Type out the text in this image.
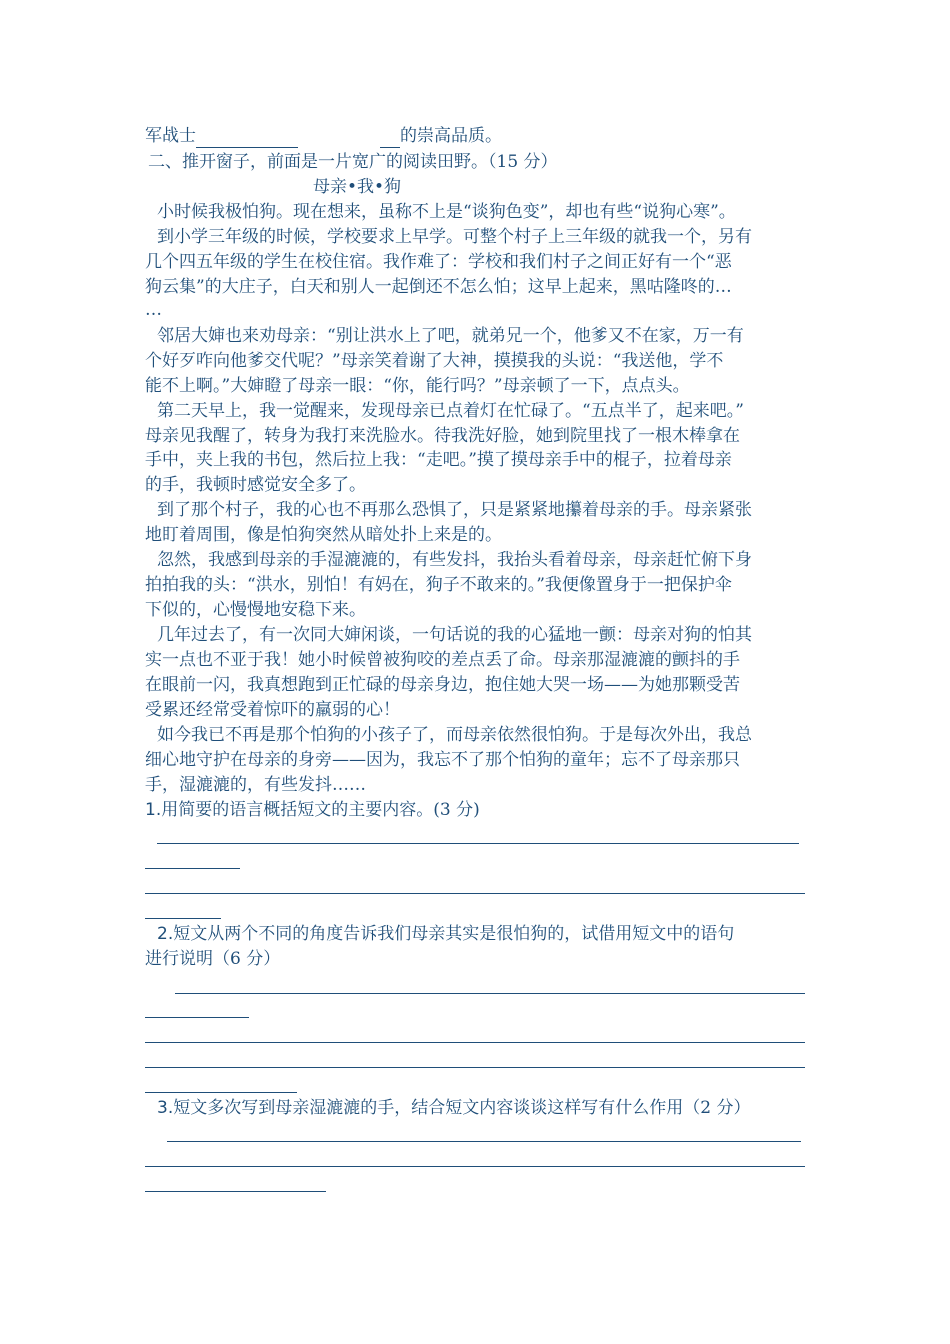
军战士	的崇高品质。
二、推开窗子，前面是一片宽广的阅读田野。（15 分）
母亲•我•狗
小时候我极怕狗。现在想来，虽称不上是“谈狗色变”，却也有些“说狗心寒”。
到小学三年级的时候，学校要求上早学。可整个村子上三年级的就我一个，另有
几个四五年级的学生在校住宿。我作难了：学校和我们村子之间正好有一个“恶
狗云集”的大庄子，白天和别人一起倒还不怎么怕；这早上起来，黑咕隆咚的…
…
邻居大婶也来劝母亲：“别让洪水上了吧，就弟兄一个，他爹又不在家，万一有
个好歹咋向他爹交代呢？”母亲笑着谢了大神，摸摸我的头说：“我送他，学不
能不上啊。”大婶瞪了母亲一眼：“你，能行吗？”母亲顿了一下，点点头。
第二天早上，我一觉醒来，发现母亲已点着灯在忙碌了。“五点半了，起来吧。”
母亲见我醒了，转身为我打来洗脸水。待我洗好脸，她到院里找了一根木棒拿在
手中，夹上我的书包，然后拉上我：“走吧。”摸了摸母亲手中的棍子，拉着母亲
的手，我顿时感觉安全多了。
到了那个村子，我的心也不再那么恐惧了，只是紧紧地攥着母亲的手。母亲紧张
地盯着周围，像是怕狗突然从暗处扑上来是的。
忽然，我感到母亲的手湿漉漉的，有些发抖，我抬头看着母亲，母亲赶忙俯下身
拍拍我的头：“洪水，别怕！有妈在，狗子不敢来的。”我便像置身于一把保护伞
下似的，心慢慢地安稳下来。
几年过去了，有一次同大婶闲谈，一句话说的我的心猛地一颤：母亲对狗的怕其
实一点也不亚于我！她小时候曾被狗咬的差点丢了命。母亲那湿漉漉的颤抖的手
在眼前一闪，我真想跑到正忙碌的母亲身边，抱住她大哭一场——为她那颗受苦
受累还经常受着惊吓的羸弱的心！
如今我已不再是那个怕狗的小孩子了，而母亲依然很怕狗。于是每次外出，我总
细心地守护在母亲的身旁——因为，我忘不了那个怕狗的童年；忘不了母亲那只
手，湿漉漉的，有些发抖……
1.用简要的语言概括短文的主要内容。(3 分)
2.短文从两个不同的角度告诉我们母亲其实是很怕狗的，试借用短文中的语句
进行说明（6 分）
3.短文多次写到母亲湿漉漉的手，结合短文内容谈谈这样写有什么作用（2 分）
